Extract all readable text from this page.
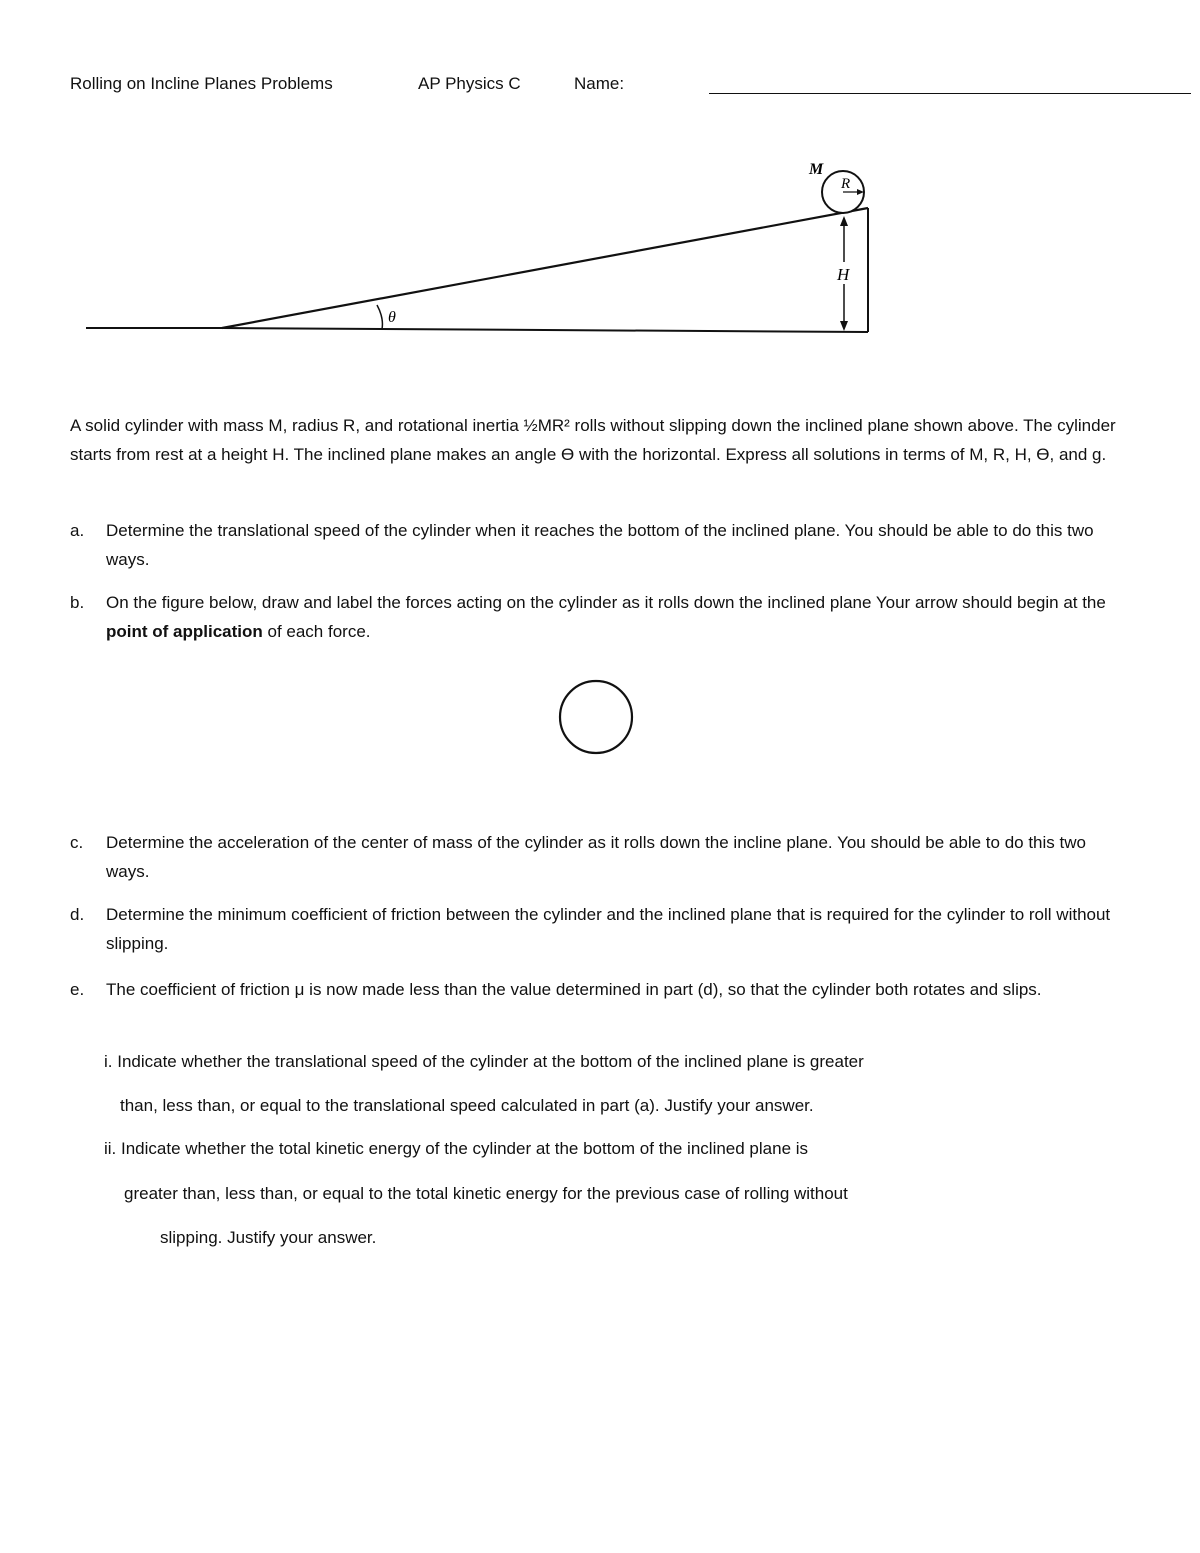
Rolling on Incline Planes Problems	AP Physics C	Name:
θ
H
R
M
A solid cylinder with mass M, radius R, and rotational inertia ½MR² rolls without slipping down the inclined plane shown above. The cylinder starts from rest at a height H. The inclined plane makes an angle ϴ with the horizontal. Express all solutions in terms of M, R, H, ϴ, and g.
a. Determine the translational speed of the cylinder when it reaches the bottom of the inclined plane. You should be able to do this two ways.
b. On the figure below, draw and label the forces acting on the cylinder as it rolls down the inclined plane Your arrow should begin at the point of application of each force.
c. Determine the acceleration of the center of mass of the cylinder as it rolls down the incline plane. You should be able to do this two ways.
d. Determine the minimum coefficient of friction between the cylinder and the inclined plane that is required for the cylinder to roll without slipping.
e. The coefficient of friction μ is now made less than the value determined in part (d), so that the cylinder both rotates and slips.
i. Indicate whether the translational speed of the cylinder at the bottom of the inclined plane is greater
than, less than, or equal to the translational speed calculated in part (a). Justify your answer.
ii. Indicate whether the total kinetic energy of the cylinder at the bottom of the inclined plane is
greater than, less than, or equal to the total kinetic energy for the previous case of rolling without
slipping. Justify your answer.
